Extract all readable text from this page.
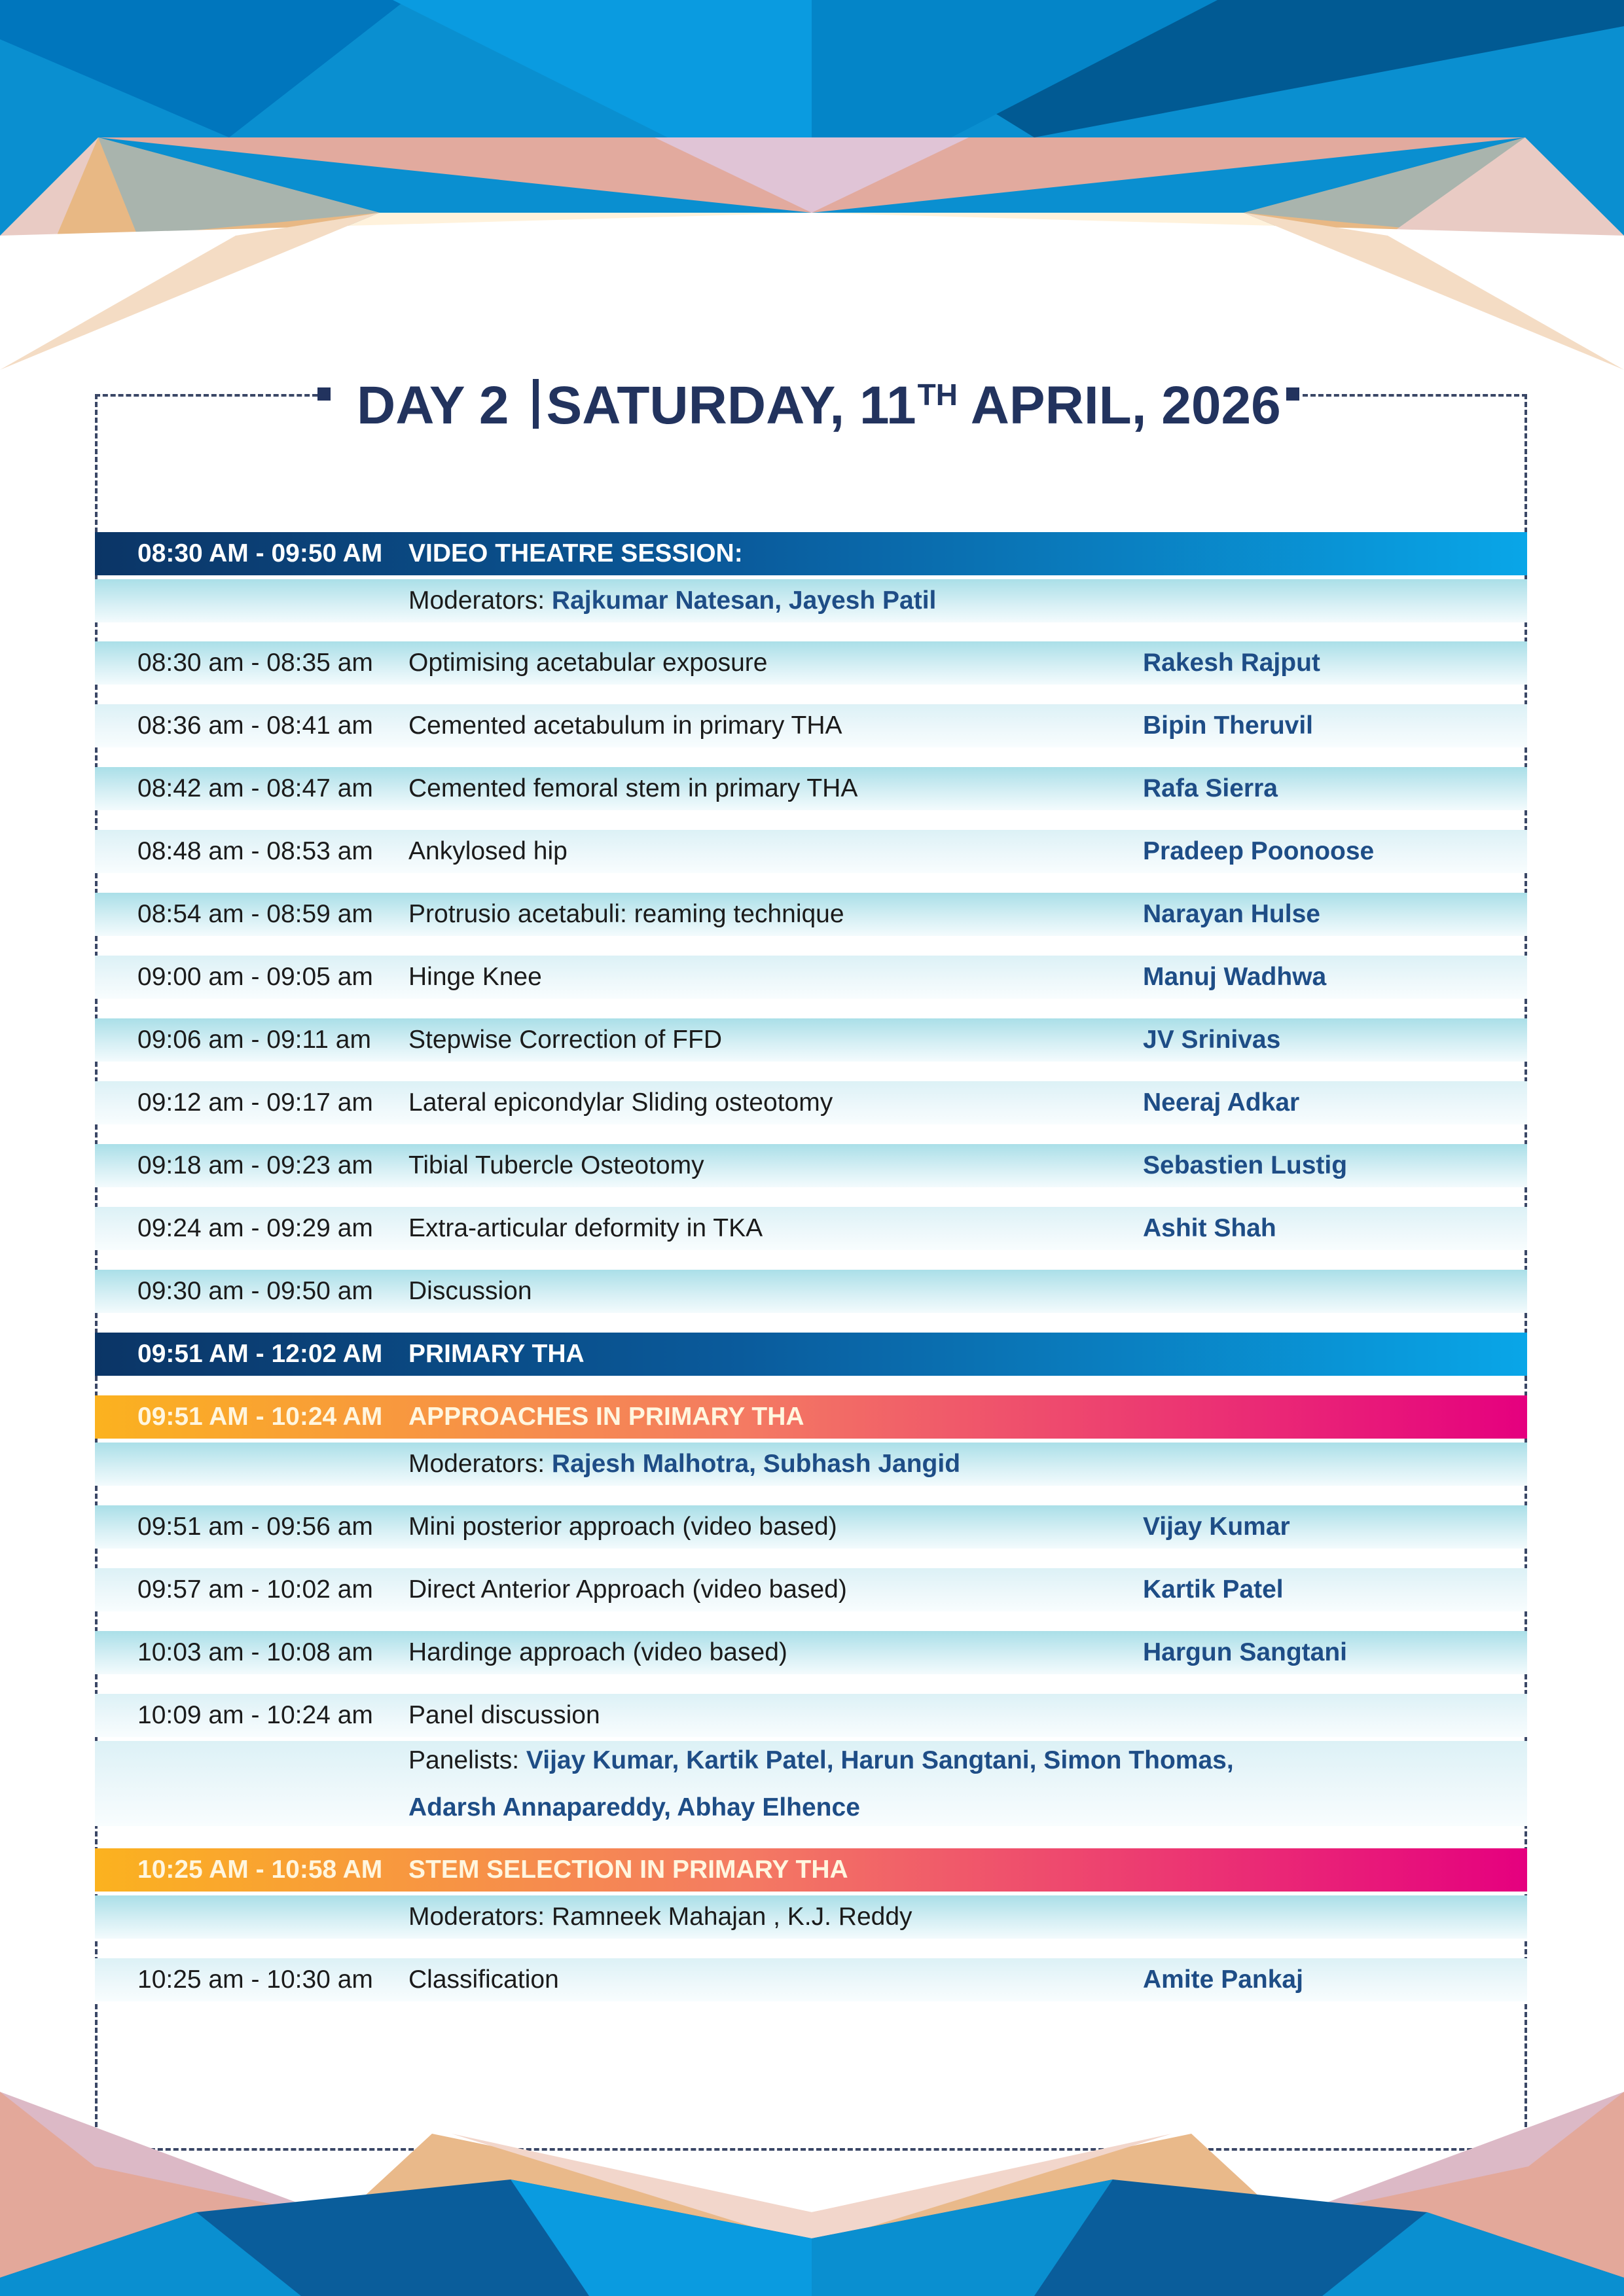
DAY 2 SATURDAY, 11TH APRIL, 2026
08:30 AM - 09:50 AM VIDEO THEATRE SESSION:
Moderators: Rajkumar Natesan, Jayesh Patil
08:30 am - 08:35 am Optimising acetabular exposure	Rakesh Rajput
08:36 am - 08:41 am Cemented acetabulum in primary THA	Bipin Theruvil
08:42 am - 08:47 am Cemented femoral stem in primary THA	Rafa Sierra
08:48 am - 08:53 am Ankylosed hip	Pradeep Poonoose
08:54 am - 08:59 am Protrusio acetabuli: reaming technique	Narayan Hulse
09:00 am - 09:05 am Hinge Knee	Manuj Wadhwa
09:06 am - 09:11 am Stepwise Correction of FFD	JV Srinivas
09:12 am - 09:17 am Lateral epicondylar Sliding osteotomy	Neeraj Adkar
09:18 am - 09:23 am Tibial Tubercle Osteotomy	Sebastien Lustig
09:24 am - 09:29 am Extra-articular deformity in TKA	Ashit Shah
09:30 am - 09:50 am Discussion
09:51 AM - 12:02 AM PRIMARY THA
09:51 AM - 10:24 AM APPROACHES IN PRIMARY THA
Moderators: Rajesh Malhotra, Subhash Jangid
09:51 am - 09:56 am Mini posterior approach (video based)	Vijay Kumar
09:57 am - 10:02 am Direct Anterior Approach (video based)	Kartik Patel
10:03 am - 10:08 am Hardinge approach (video based)	Hargun Sangtani
10:09 am - 10:24 am Panel discussion
Panelists: Vijay Kumar, Kartik Patel, Harun Sangtani, Simon Thomas,
Adarsh Annapareddy, Abhay Elhence
10:25 AM - 10:58 AM STEM SELECTION IN PRIMARY THA
Moderators: Ramneek Mahajan , K.J. Reddy
10:25 am - 10:30 am Classification	Amite Pankaj
